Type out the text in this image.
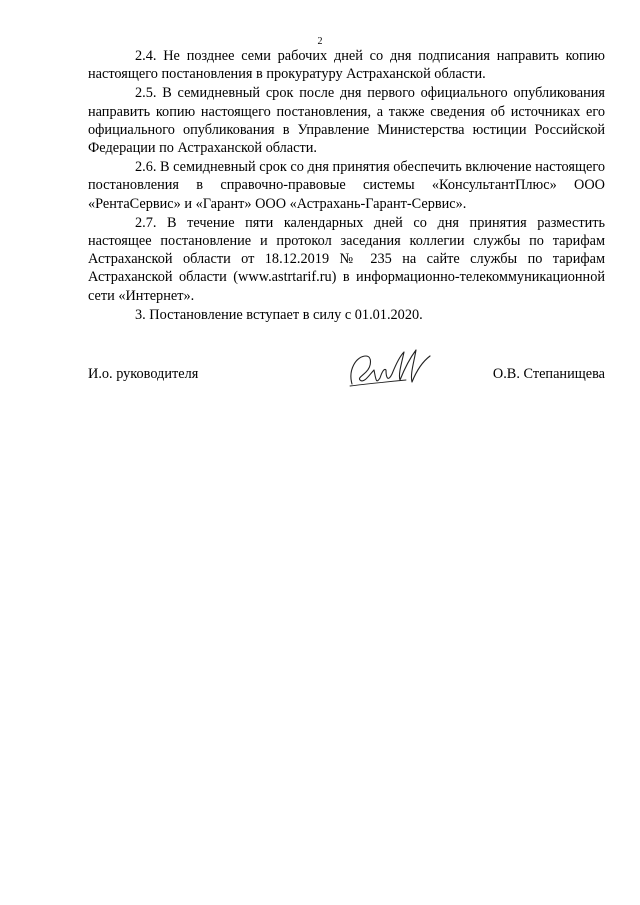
2

2.4. Не позднее семи рабочих дней со дня подписания направить копию настоящего постановления в прокуратуру Астраханской области.

2.5. В семидневный срок после дня первого официального опубликования направить копию настоящего постановления, а также сведения об источниках его официального опубликования в Управление Министерства юстиции Российской Федерации по Астраханской области.

2.6. В семидневный срок со дня принятия обеспечить включение настоящего постановления в справочно-правовые системы «КонсультантПлюс» ООО «РентаСервис» и «Гарант» ООО «Астрахань-Гарант-Сервис».

2.7. В течение пяти календарных дней со дня принятия разместить настоящее постановление и протокол заседания коллегии службы по тарифам Астраханской области от 18.12.2019 № 235 на сайте службы по тарифам Астраханской области (www.astrtarif.ru) в информационно-телекоммуникационной сети «Интернет».

3. Постановление вступает в силу с 01.01.2020.

И.о. руководителя	О.В. Степанищева
